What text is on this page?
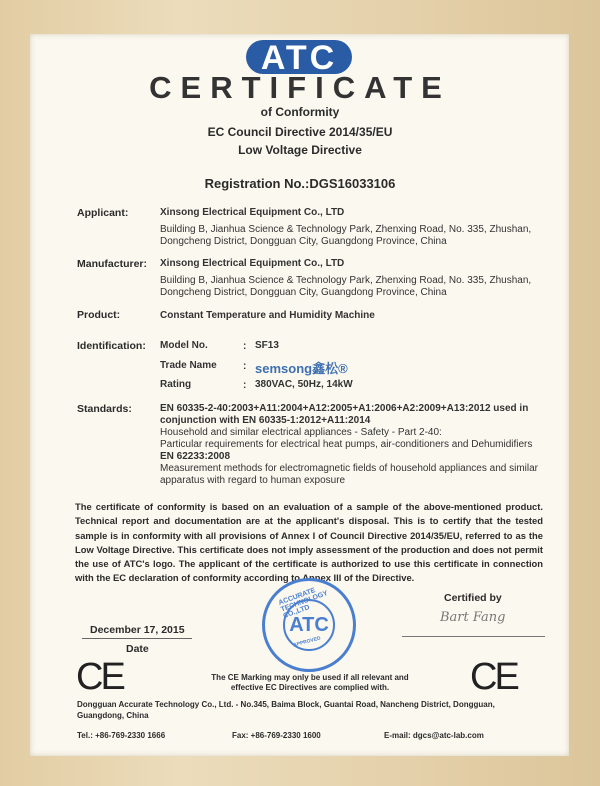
ATC
CERTIFICATE
of Conformity
EC Council Directive 2014/35/EU
Low Voltage Directive
Registration No.:DGS16033106
Applicant:	Xinsong Electrical Equipment Co., LTD
Building B, Jianhua Science & Technology Park, Zhenxing Road, No. 335, Zhushan,
Dongcheng District, Dongguan City, Guangdong Province, China
Manufacturer: Xinsong Electrical Equipment Co., LTD
Building B, Jianhua Science & Technology Park, Zhenxing Road, No. 335, Zhushan,
Dongcheng District, Dongguan City, Guangdong Province, China
Product:	Constant Temperature and Humidity Machine
Identification: Model No.	: SF13
Trade Name	: semsong鑫松®
Rating	: 380VAC, 50Hz, 14kW
Standards:	EN 60335-2-40:2003+A11:2004+A12:2005+A1:2006+A2:2009+A13:2012 used in
conjunction with EN 60335-1:2012+A11:2014
Household and similar electrical appliances - Safety - Part 2-40:
Particular requirements for electrical heat pumps, air-conditioners and Dehumidifiers
EN 62233:2008
Measurement methods for electromagnetic fields of household appliances and similar
apparatus with regard to human exposure
The certificate of conformity is based on an evaluation of a sample of the above-mentioned product. Technical report and documentation are at the applicant's disposal. This is to certify that the tested sample is in conformity with all provisions of Annex I of Council Directive 2014/35/EU, referred to as the Low Voltage Directive. This certificate does not imply assessment of the production and does not permit the use of ATC's logo. The applicant of the certificate is authorized to use this certificate in connection with the EC declaration of conformity according to Annex III of the Directive.
December 17, 2015
Date
ACCURATE TECHNOLOGY CO.,LTD
ATC
APPROVED
Certified by
Bart Fang
CE	CE
The CE Marking may only be used if all relevant and
effective EC Directives are complied with.
Dongguan Accurate Technology Co., Ltd. - No.345, Baima Block, Guantai Road, Nancheng District, Dongguan,
Guangdong, China
Tel.: +86-769-2330 1666	Fax: +86-769-2330 1600	E-mail: dgcs@atc-lab.com
